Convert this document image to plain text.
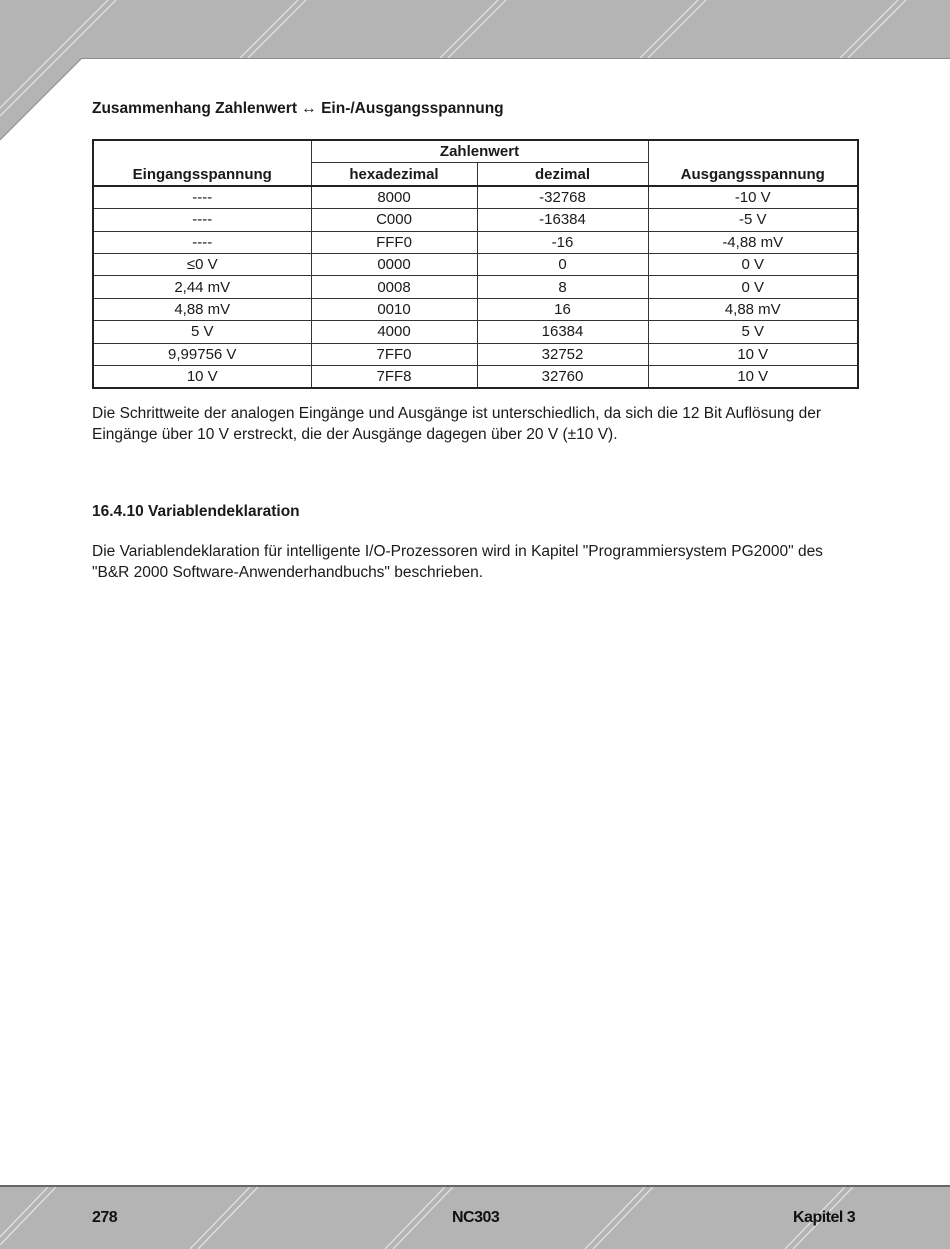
Zusammenhang Zahlenwert ↔ Ein-/Ausgangsspannung
Eingangsspannung	Zahlenwert		Ausgangsspannung
	hexadezimal	dezimal	
----	8000	-32768	-10 V
----	C000	-16384	-5 V
----	FFF0	-16	-4,88 mV
≤0 V	0000	0	0 V
2,44 mV	0008	8	0 V
4,88 mV	0010	16	4,88 mV
5 V	4000	16384	5 V
9,99756 V	7FF0	32752	10 V
10 V	7FF8	32760	10 V

Die Schrittweite der analogen Eingänge und Ausgänge ist unterschiedlich, da sich die 12 Bit Auflösung der Eingänge über 10 V erstreckt, die der Ausgänge dagegen über 20 V (±10 V).

16.4.10 Variablendeklaration

Die Variablendeklaration für intelligente I/O-Prozessoren wird in Kapitel "Programmiersystem PG2000" des "B&R 2000 Software-Anwenderhandbuchs" beschrieben.

278	NC303	Kapitel 3
